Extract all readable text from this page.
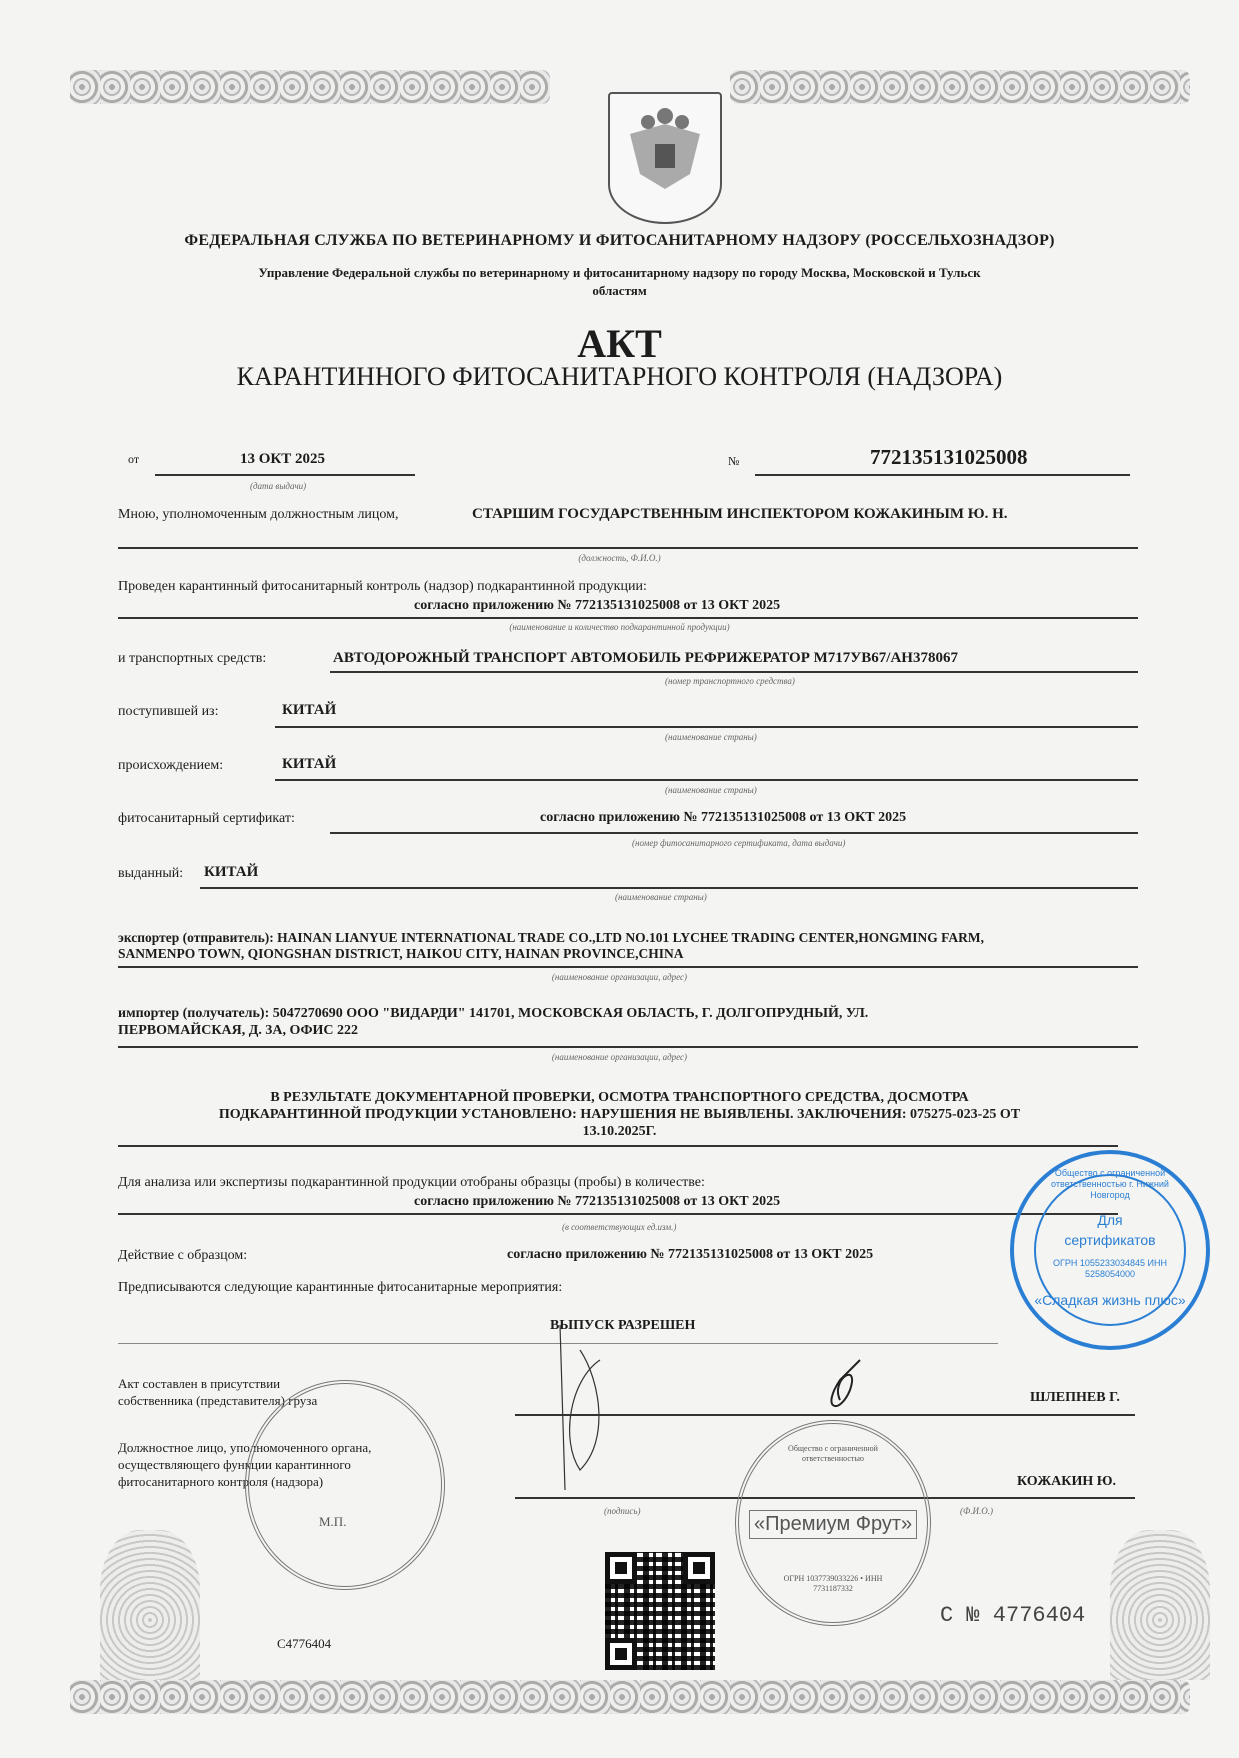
ФЕДЕРАЛЬНАЯ СЛУЖБА ПО ВЕТЕРИНАРНОМУ И ФИТОСАНИТАРНОМУ НАДЗОРУ (РОССЕЛЬХОЗНАДЗОР)
Управление Федеральной службы по ветеринарному и фитосанитарному надзору по городу Москва, Московской и Тульск
областям
АКТ
КАРАНТИННОГО ФИТОСАНИТАРНОГО КОНТРОЛЯ (НАДЗОРА)
от	13 ОКТ 2025
(дата выдачи)
№	772135131025008
Мною, уполномоченным должностным лицом,	СТАРШИМ ГОСУДАРСТВЕННЫМ ИНСПЕКТОРОМ КОЖАКИНЫМ Ю. Н.
(должность, Ф.И.О.)
Проведен карантинный фитосанитарный контроль (надзор) подкарантинной продукции:
согласно приложению № 772135131025008 от 13 ОКТ 2025
(наименование и количество подкарантинной продукции)
и транспортных средств:	АВТОДОРОЖНЫЙ ТРАНСПОРТ АВТОМОБИЛЬ РЕФРИЖЕРАТОР М717УВ67/АН378067
(номер транспортного средства)
поступившей из:	КИТАЙ
(наименование страны)
происхождением:	КИТАЙ
(наименование страны)
фитосанитарный сертификат:	согласно приложению № 772135131025008 от 13 ОКТ 2025
(номер фитосанитарного сертификата, дата выдачи)
выданный: КИТАЙ
(наименование страны)
экспортер (отправитель): HAINAN LIANYUE INTERNATIONAL TRADE CO.,LTD NO.101 LYCHEE TRADING CENTER,HONGMING FARM,
SANMENPO TOWN, QIONGSHAN DISTRICT, HAIKOU CITY, HAINAN PROVINCE,CHINA
(наименование организации, адрес)
импортер (получатель): 5047270690 ООО "ВИДАРДИ" 141701, МОСКОВСКАЯ ОБЛАСТЬ, Г. ДОЛГОПРУДНЫЙ, УЛ.
ПЕРВОМАЙСКАЯ, Д. 3А, ОФИС 222
(наименование организации, адрес)
В РЕЗУЛЬТАТЕ ДОКУМЕНТАРНОЙ ПРОВЕРКИ, ОСМОТРА ТРАНСПОРТНОГО СРЕДСТВА, ДОСМОТРА
ПОДКАРАНТИННОЙ ПРОДУКЦИИ УСТАНОВЛЕНО: НАРУШЕНИЯ НЕ ВЫЯВЛЕНЫ. ЗАКЛЮЧЕНИЯ: 075275-023-25 ОТ
13.10.2025Г.
Для анализа или экспертизы подкарантинной продукции отобраны образцы (пробы) в количестве:
согласно приложению № 772135131025008 от 13 ОКТ 2025
(в соответствующих ед.изм.)
Действие с образцом:	согласно приложению № 772135131025008 от 13 ОКТ 2025
Предписываются следующие карантинные фитосанитарные мероприятия:
ВЫПУСК РАЗРЕШЕН
Акт составлен в присутствии
собственника (представителя) груза	ШЛЕПНЕВ Г.
Должностное лицо, уполномоченного органа,
осуществляющего функции карантинного
фитосанитарного контроля (надзора)	КОЖАКИН Ю.
(подпись)	(Ф.И.О.)
М.П.
С4776404
Общество с ограниченной ответственностью
«Премиум Фрут»
ОГРН 1037739033226 • ИНН 7731187332
С № 4776404
Общество с ограниченной ответственностью г. Нижний Новгород
Для
сертификатов
ОГРН 1055233034845 ИНН 5258054000
«Сладкая жизнь плюс»
